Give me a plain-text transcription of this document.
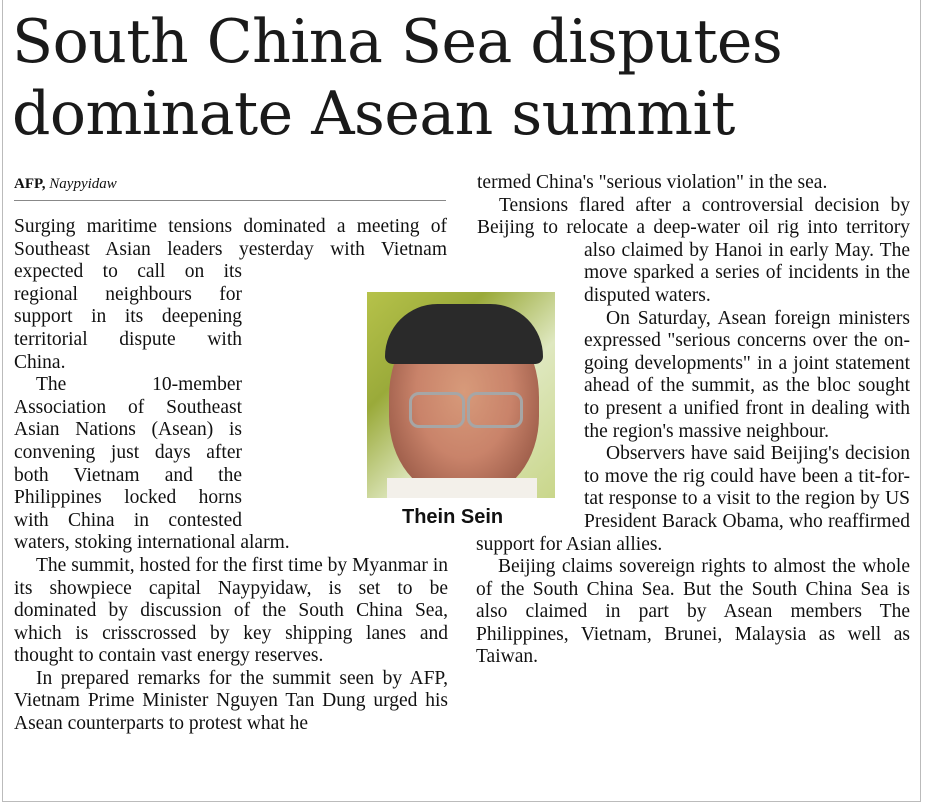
South China Sea disputes dominate Asean summit
AFP, Naypyidaw

Surging maritime tensions dominated a meeting of Southeast Asian leaders yesterday with Vietnam expected to call on its regional neighbours for support in its deepening territorial dispute with China.

The 10-member Association of Southeast Asian Nations (Asean) is convening just days after both Vietnam and the Philippines locked horns with China in contested waters, stoking international alarm.

The summit, hosted for the first time by Myanmar in its showpiece capital Naypyidaw, is set to be dominated by discussion of the South China Sea, which is crisscrossed by key shipping lanes and thought to contain vast energy reserves.

In prepared remarks for the summit seen by AFP, Vietnam Prime Minister Nguyen Tan Dung urged his Asean counterparts to protest what he

termed China's "serious violation" in the sea.

Tensions flared after a controversial decision by Beijing to relocate a deep-water oil rig into territory also claimed by Hanoi in early May. The move sparked a series of incidents in the disputed waters.

On Saturday, Asean foreign ministers expressed "serious concerns over the on-going developments" in a joint statement ahead of the summit, as the bloc sought to present a unified front in dealing with the region's massive neighbour.

Observers have said Beijing's decision to move the rig could have been a tit-for-tat response to a visit to the region by US President Barack Obama, who reaffirmed support for Asian allies.

Beijing claims sovereign rights to almost the whole of the South China Sea. But the South China Sea is also claimed in part by Asean members The Philippines, Vietnam, Brunei, Malaysia as well as Taiwan.

Thein Sein
